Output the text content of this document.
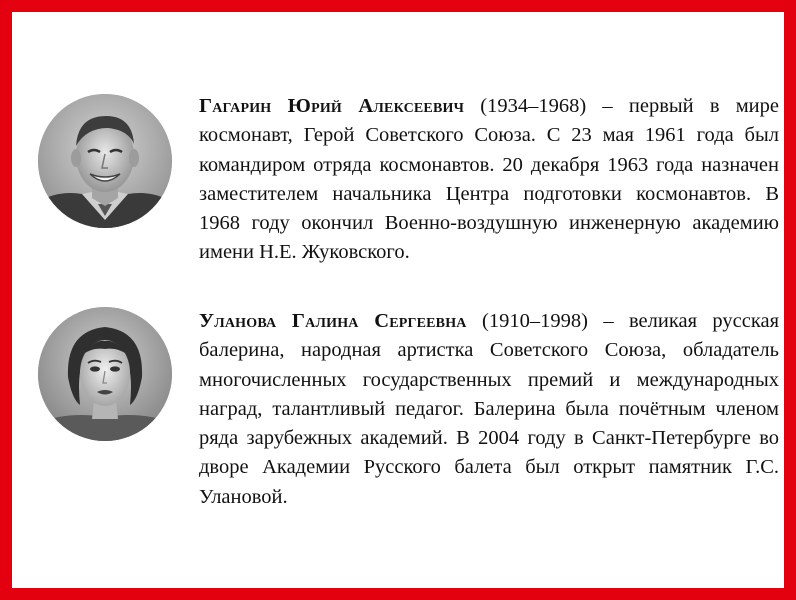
Гагарин Юрий Алексеевич (1934–1968) – первый в мире космонавт, Герой Советского Союза. С 23 мая 1961 года был командиром отряда космонавтов. 20 декабря 1963 года назначен заместителем начальника Центра подготовки космонавтов. В 1968 году окончил Военно-воздушную инженерную академию имени Н.Е. Жуковского.

Уланова Галина Сергеевна (1910–1998) – великая русская балерина, народная артистка Советского Союза, обладатель многочисленных государственных премий и международных наград, талантливый педагог. Балерина была почётным членом ряда зарубежных академий. В 2004 году в Санкт-Петербурге во дворе Академии Русского балета был открыт памятник Г.С. Улановой.
